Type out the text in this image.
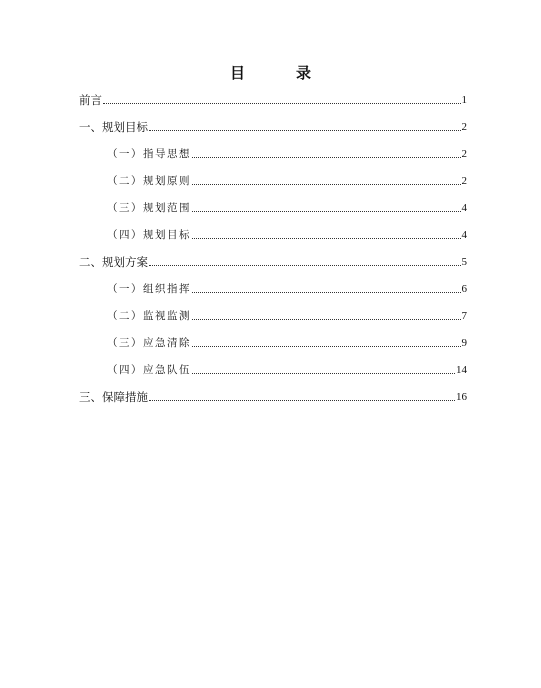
目　录
前言	1
一、规划目标	2
（一）指导思想	2
（二）规划原则	2
（三）规划范围	4
（四）规划目标	4
二、规划方案	5
（一）组织指挥	6
（二）监视监测	7
（三）应急清除	9
（四）应急队伍	14
三、保障措施	16
